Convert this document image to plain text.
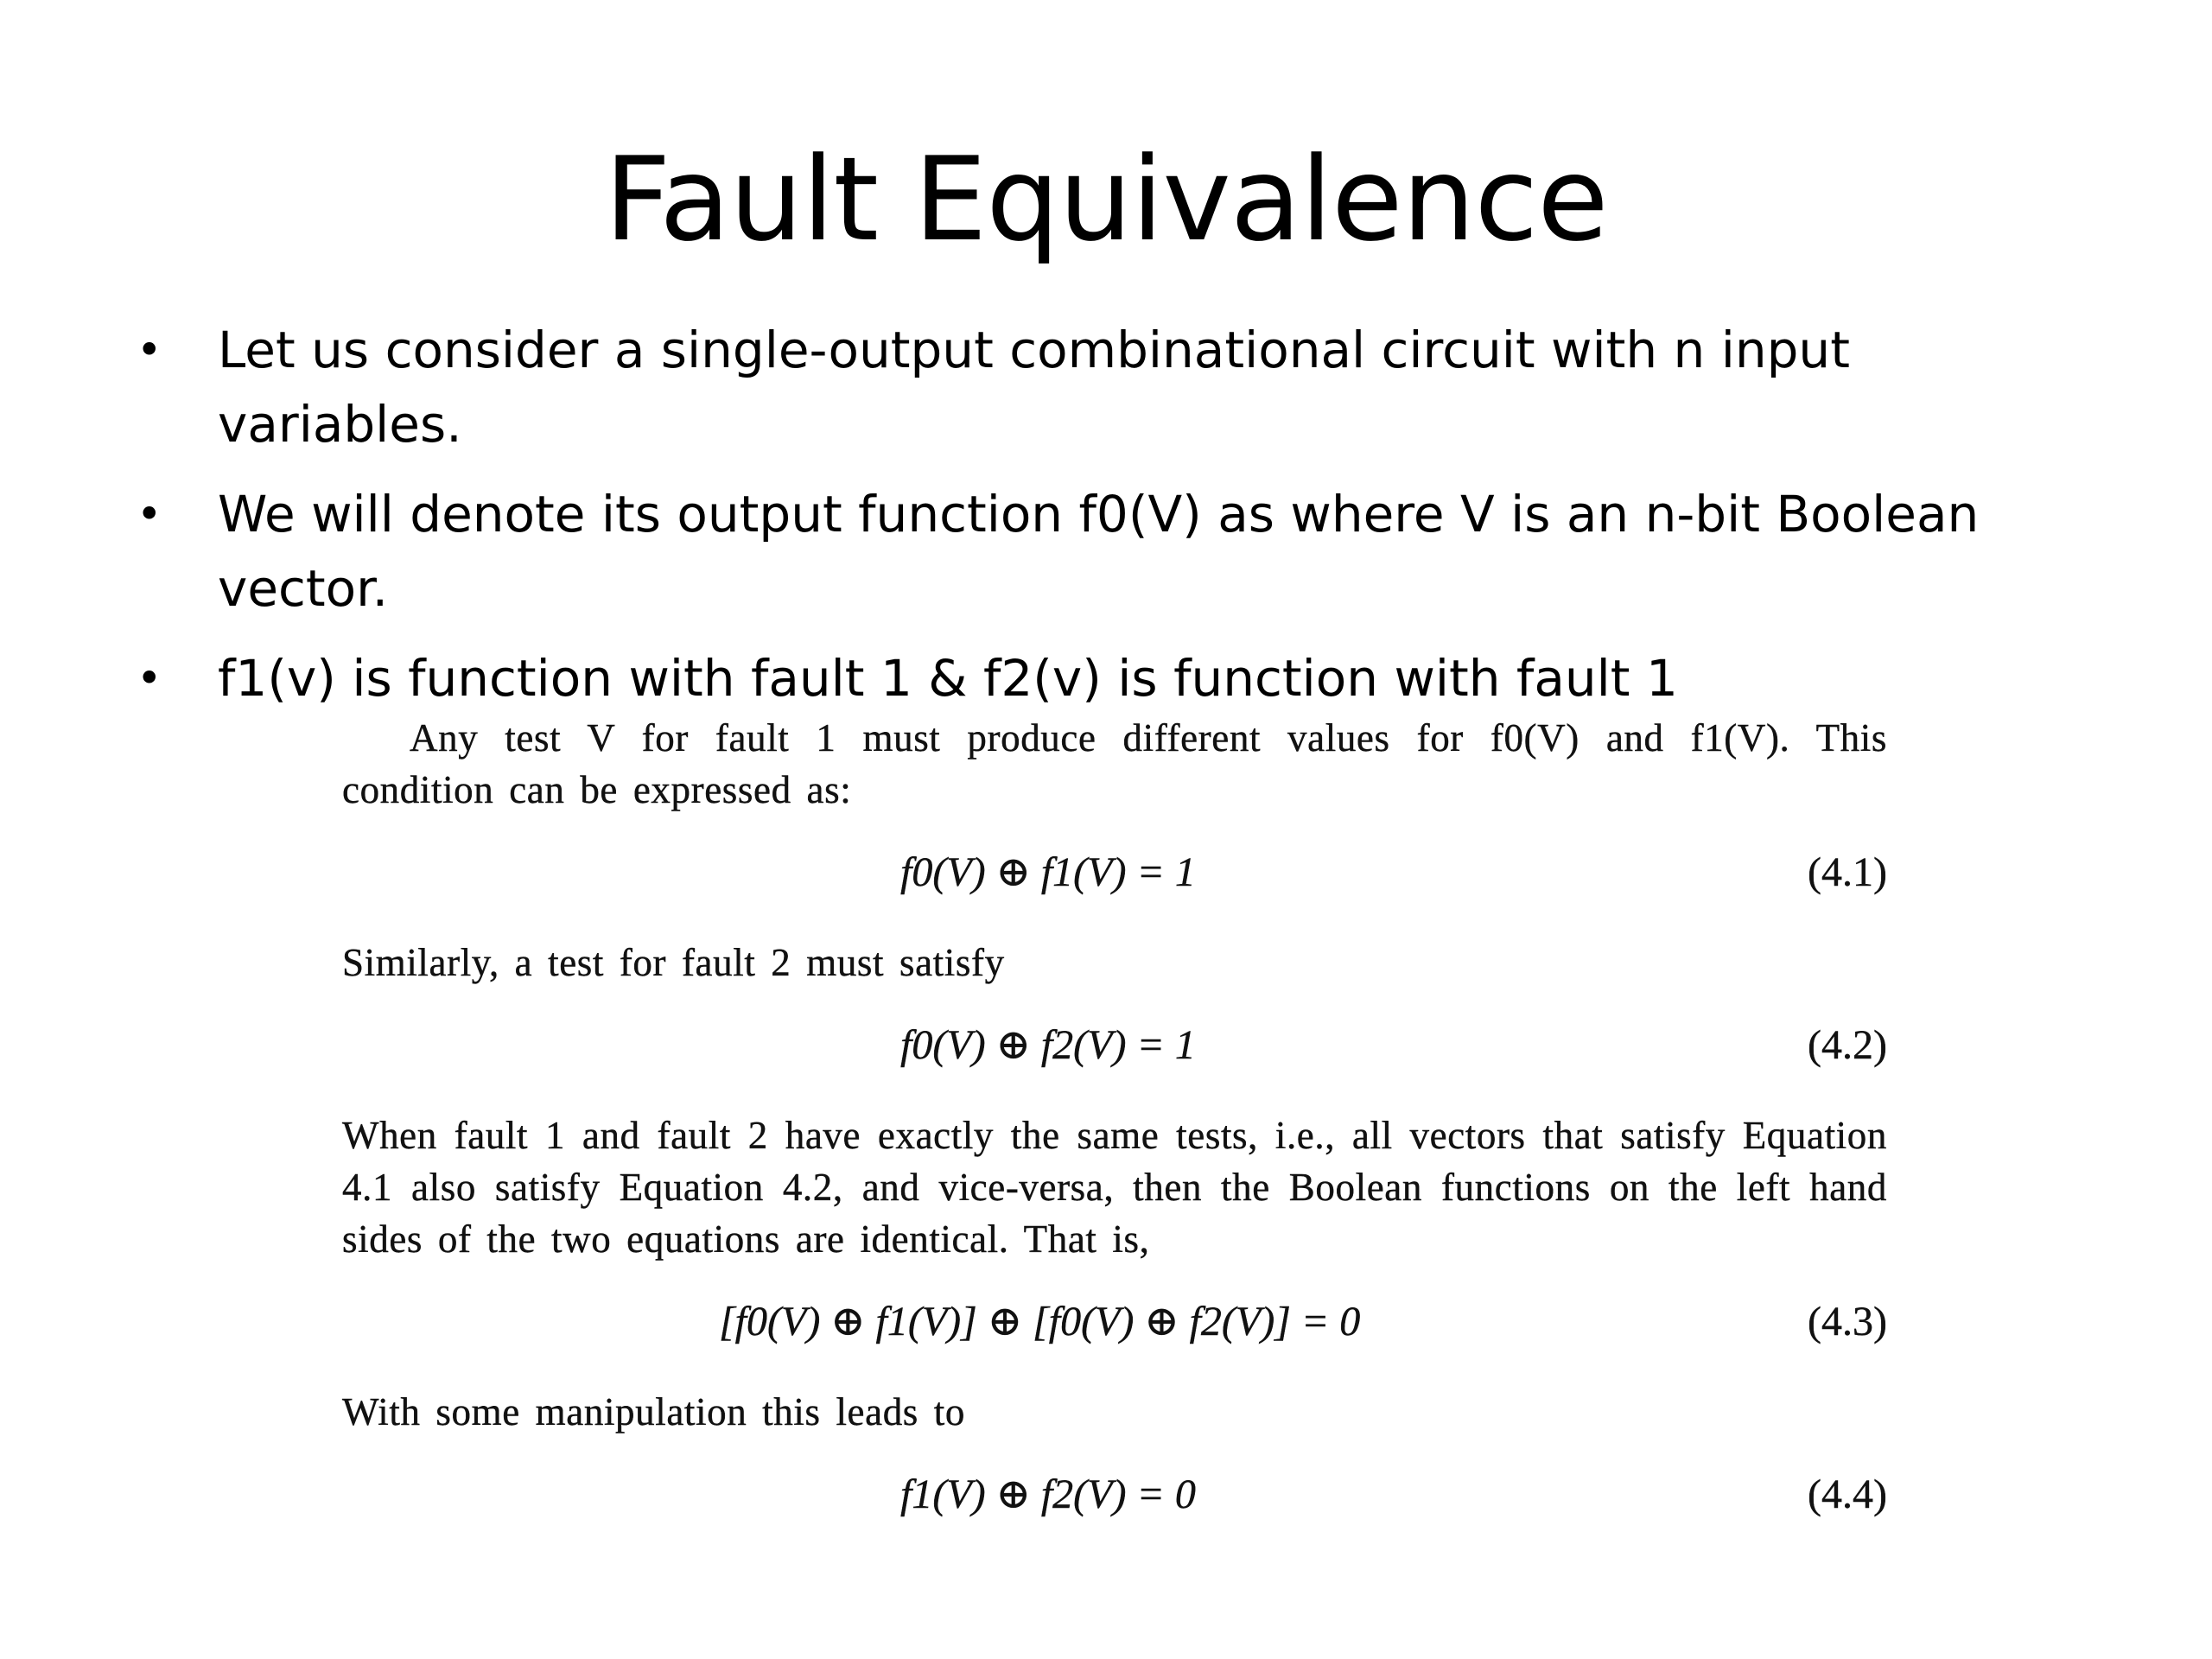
Fault Equivalence
• Let us consider a single-output combinational circuit with n input variables.
• We will denote its output function f0(V) as where V is an n-bit Boolean vector.
• f1(v) is function with fault 1 & f2(v) is function with fault 1

Any test V for fault 1 must produce different values for f0(V) and f1(V). This condition can be expressed as:

f0(V) ⊕ f1(V) = 1	(4.1)

Similarly, a test for fault 2 must satisfy

f0(V) ⊕ f2(V) = 1	(4.2)

When fault 1 and fault 2 have exactly the same tests, i.e., all vectors that satisfy Equation 4.1 also satisfy Equation 4.2, and vice-versa, then the Boolean functions on the left hand sides of the two equations are identical. That is,

[f0(V) ⊕ f1(V)] ⊕ [f0(V) ⊕ f2(V)] = 0	(4.3)

With some manipulation this leads to

f1(V) ⊕ f2(V) = 0	(4.4)
